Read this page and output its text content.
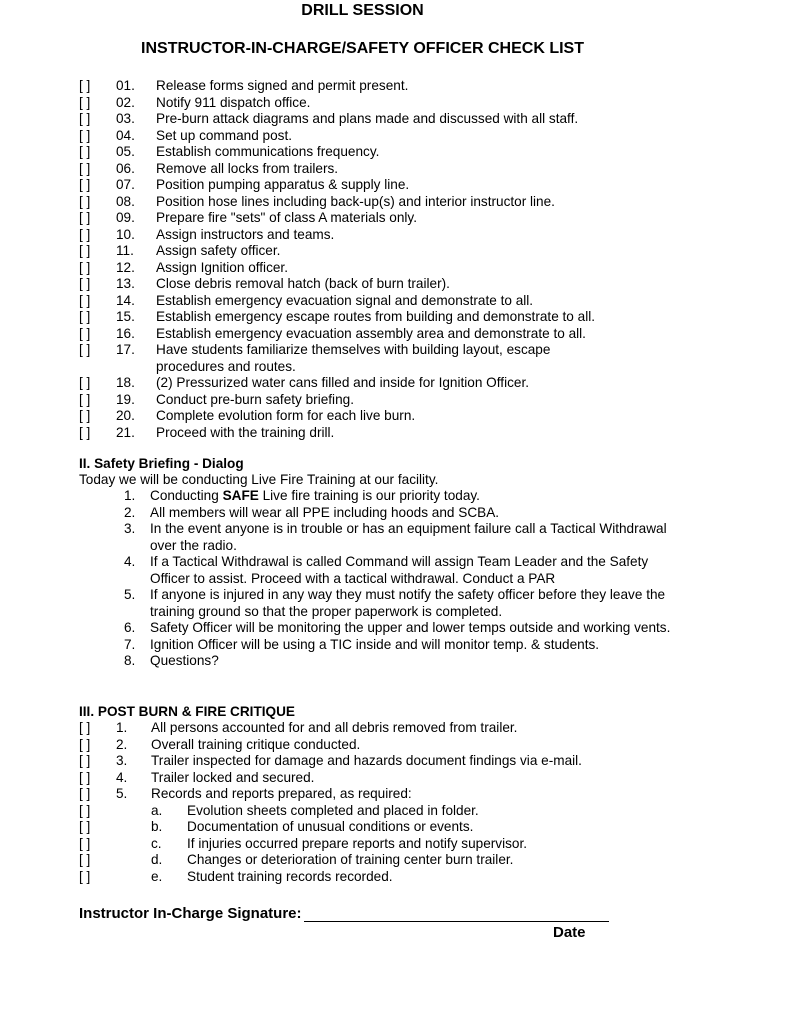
DRILL SESSION
INSTRUCTOR-IN-CHARGE/SAFETY OFFICER CHECK LIST
[ ] 01. Release forms signed and permit present.
[ ] 02. Notify 911 dispatch office.
[ ] 03. Pre-burn attack diagrams and plans made and discussed with all staff.
[ ] 04. Set up command post.
[ ] 05. Establish communications frequency.
[ ] 06. Remove all locks from trailers.
[ ] 07. Position pumping apparatus & supply line.
[ ] 08. Position hose lines including back-up(s) and interior instructor line.
[ ] 09. Prepare fire "sets" of class A materials only.
[ ] 10. Assign instructors and teams.
[ ] 11. Assign safety officer.
[ ] 12. Assign Ignition officer.
[ ] 13. Close debris removal hatch (back of burn trailer).
[ ] 14. Establish emergency evacuation signal and demonstrate to all.
[ ] 15. Establish emergency escape routes from building and demonstrate to all.
[ ] 16. Establish emergency evacuation assembly area and demonstrate to all.
[ ] 17. Have students familiarize themselves with building layout, escape
procedures and routes.
[ ] 18. (2) Pressurized water cans filled and inside for Ignition Officer.
[ ] 19. Conduct pre-burn safety briefing.
[ ] 20. Complete evolution form for each live burn.
[ ] 21. Proceed with the training drill.
II. Safety Briefing - Dialog
Today we will be conducting Live Fire Training at our facility.
1. Conducting SAFE Live fire training is our priority today.
2. All members will wear all PPE including hoods and SCBA.
3. In the event anyone is in trouble or has an equipment failure call a Tactical Withdrawal over the radio.
4. If a Tactical Withdrawal is called Command will assign Team Leader and the Safety Officer to assist. Proceed with a tactical withdrawal. Conduct a PAR
5. If anyone is injured in any way they must notify the safety officer before they leave the training ground so that the proper paperwork is completed.
6. Safety Officer will be monitoring the upper and lower temps outside and working vents.
7. Ignition Officer will be using a TIC inside and will monitor temp. & students.
8. Questions?
III. POST BURN & FIRE CRITIQUE
[ ] 1. All persons accounted for and all debris removed from trailer.
[ ] 2. Overall training critique conducted.
[ ] 3. Trailer inspected for damage and hazards document findings via e-mail.
[ ] 4. Trailer locked and secured.
[ ] 5. Records and reports prepared, as required:
[ ]	a. Evolution sheets completed and placed in folder.
[ ]	b. Documentation of unusual conditions or events.
[ ]	c. If injuries occurred prepare reports and notify supervisor.
[ ]	d. Changes or deterioration of training center burn trailer.
[ ]	e. Student training records recorded.
Instructor In-Charge Signature:
Date
